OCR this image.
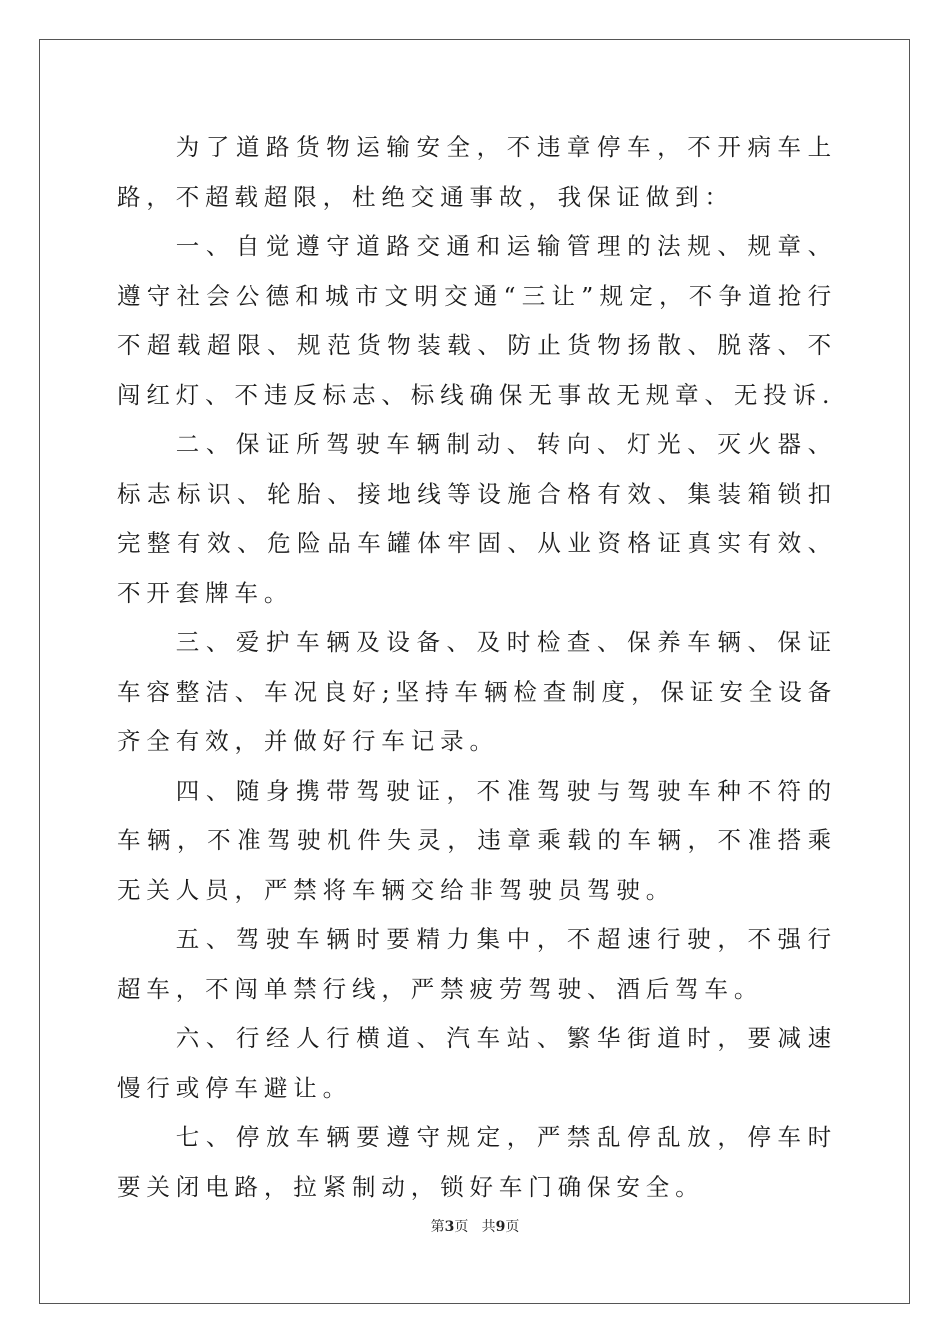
为了道路货物运输安全，不违章停车，不开病车上路，不超载超限，杜绝交通事故，我保证做到：

一、自觉遵守道路交通和运输管理的法规、规章、遵守社会公德和城市文明交通“三让”规定，不争道抢行不超载超限、规范货物装载、防止货物扬散、脱落、不闯红灯、不违反标志、标线确保无事故无规章、无投诉.

二、保证所驾驶车辆制动、转向、灯光、灭火器、标志标识、轮胎、接地线等设施合格有效、集装箱锁扣完整有效、危险品车罐体牢固、从业资格证真实有效、不开套牌车。

三、爱护车辆及设备、及时检查、保养车辆、保证车容整洁、车况良好;坚持车辆检查制度，保证安全设备齐全有效，并做好行车记录。

四、随身携带驾驶证，不准驾驶与驾驶车种不符的车辆，不准驾驶机件失灵，违章乘载的车辆，不准搭乘无关人员，严禁将车辆交给非驾驶员驾驶。

五、驾驶车辆时要精力集中，不超速行驶，不强行超车，不闯单禁行线，严禁疲劳驾驶、酒后驾车。

六、行经人行横道、汽车站、繁华街道时，要减速慢行或停车避让。

七、停放车辆要遵守规定，严禁乱停乱放，停车时要关闭电路，拉紧制动，锁好车门确保安全。

第3页   共9页
